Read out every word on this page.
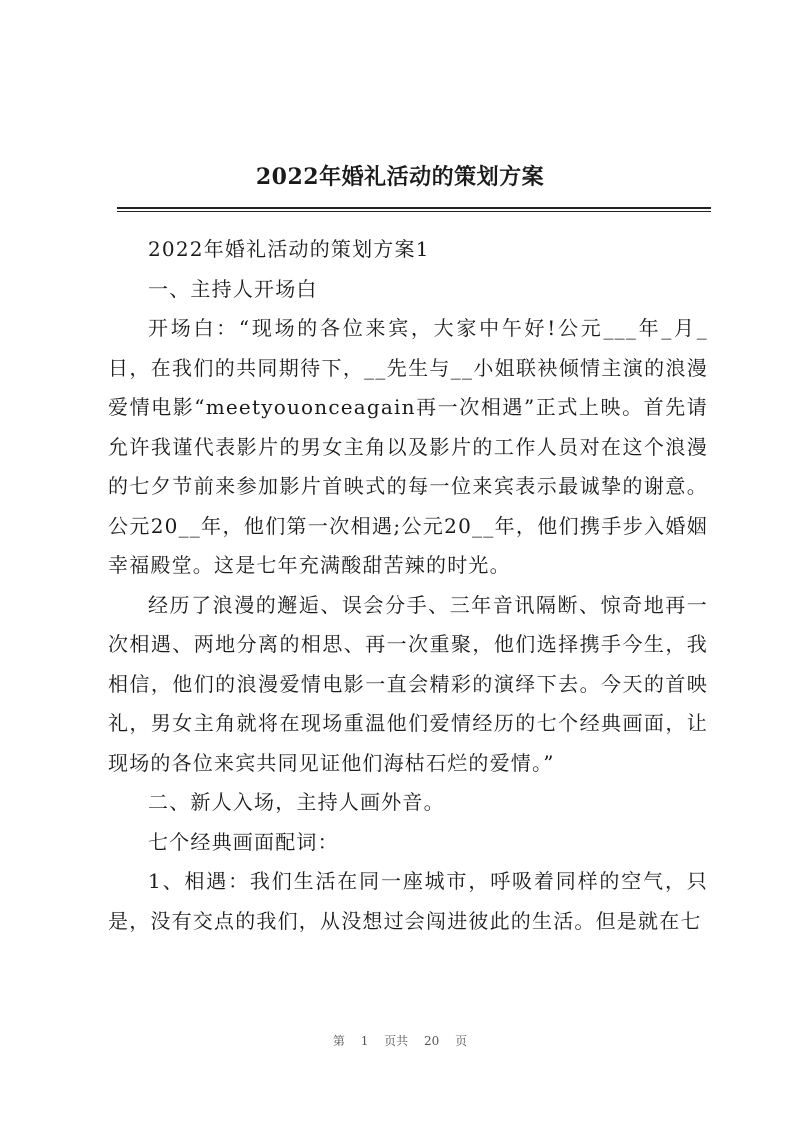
2022年婚礼活动的策划方案

2022年婚礼活动的策划方案1

一、主持人开场白

开场白：“现场的各位来宾，大家中午好!公元___年_月_日，在我们的共同期待下，__先生与__小姐联袂倾情主演的浪漫爱情电影“meetyouonceagain再一次相遇”正式上映。首先请允许我谨代表影片的男女主角以及影片的工作人员对在这个浪漫的七夕节前来参加影片首映式的每一位来宾表示最诚挚的谢意。公元20__年，他们第一次相遇;公元20__年，他们携手步入婚姻幸福殿堂。这是七年充满酸甜苦辣的时光。

经历了浪漫的邂逅、误会分手、三年音讯隔断、惊奇地再一次相遇、两地分离的相思、再一次重聚，他们选择携手今生，我相信，他们的浪漫爱情电影一直会精彩的演绎下去。今天的首映礼，男女主角就将在现场重温他们爱情经历的七个经典画面，让现场的各位来宾共同见证他们海枯石烂的爱情。”

二、新人入场，主持人画外音。

七个经典画面配词：

1、相遇：我们生活在同一座城市，呼吸着同样的空气，只是，没有交点的我们，从没想过会闯进彼此的生活。但是就在七

第 1 页共 20 页
